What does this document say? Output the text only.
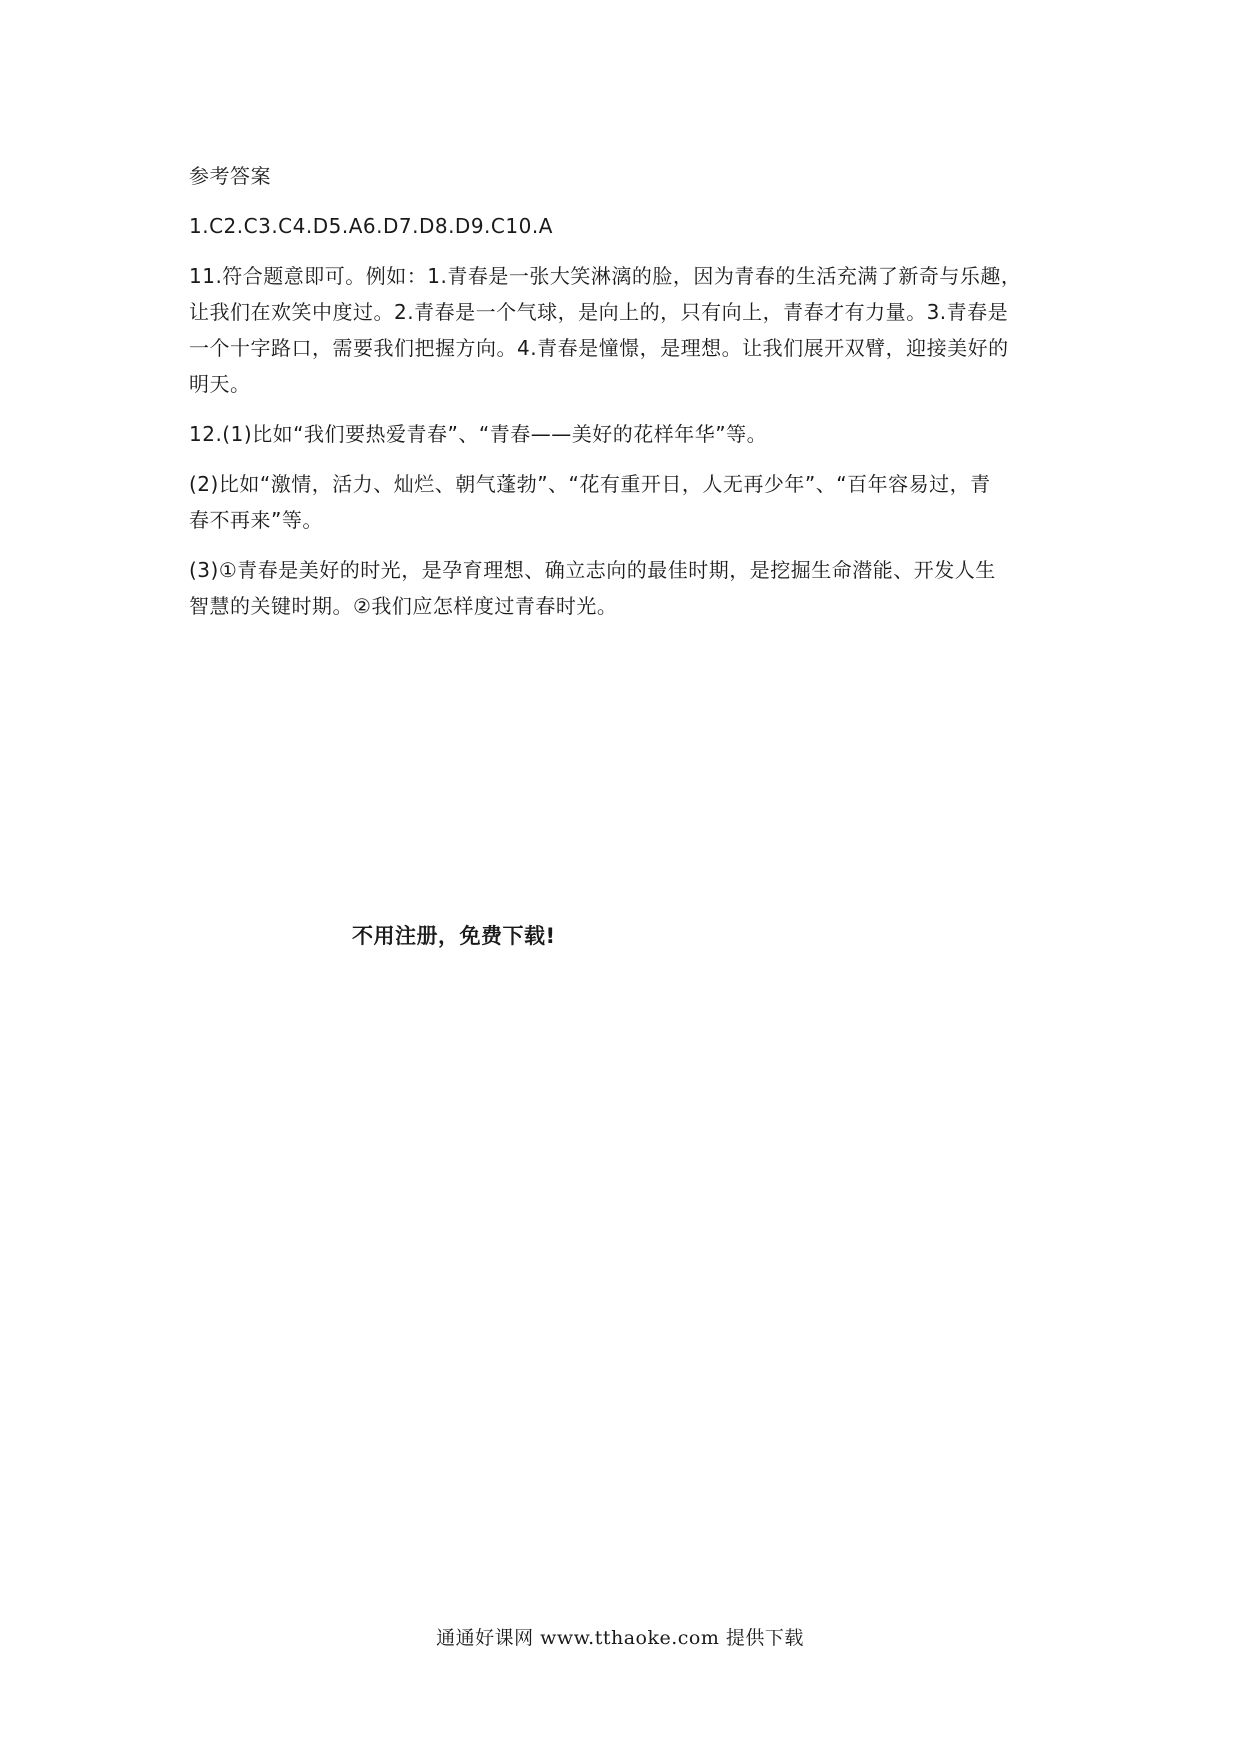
参考答案

1.C2.C3.C4.D5.A6.D7.D8.D9.C10.A

11.符合题意即可。例如：1.青春是一张大笑淋漓的脸，因为青春的生活充满了新奇与乐趣，

让我们在欢笑中度过。2.青春是一个气球，是向上的，只有向上，青春才有力量。3.青春是

一个十字路口，需要我们把握方向。4.青春是憧憬，是理想。让我们展开双臂，迎接美好的

明天。

12.(1)比如“我们要热爱青春”、“青春——美好的花样年华”等。

(2)比如“激情，活力、灿烂、朝气蓬勃”、“花有重开日，人无再少年”、“百年容易过，青

春不再来”等。

(3)①青春是美好的时光，是孕育理想、确立志向的最佳时期，是挖掘生命潜能、开发人生

智慧的关键时期。②我们应怎样度过青春时光。

不用注册，免费下载!
通通好课网 www.tthaoke.com 提供下载
